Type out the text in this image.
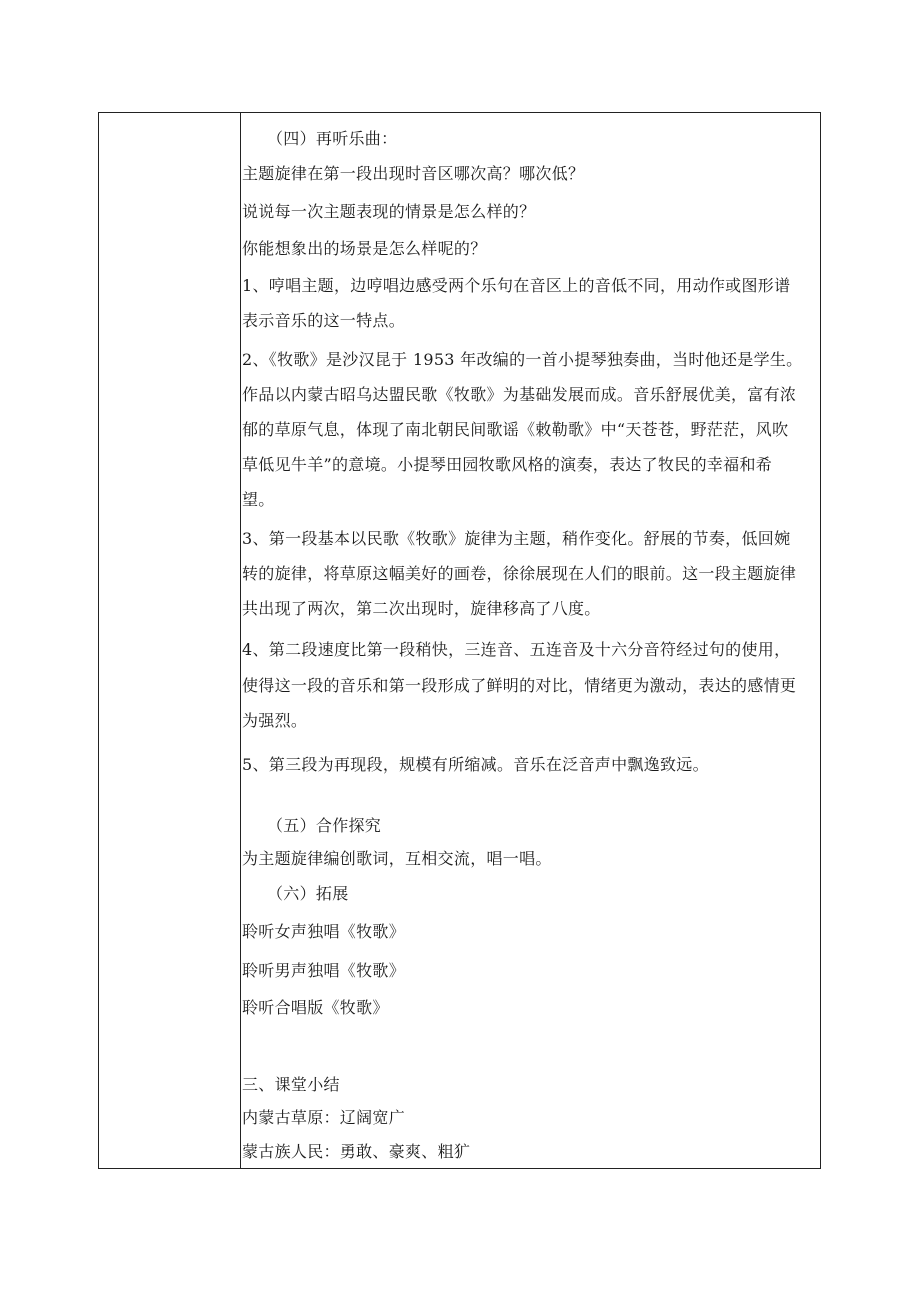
（四）再听乐曲：
主题旋律在第一段出现时音区哪次高？哪次低？
说说每一次主题表现的情景是怎么样的？
你能想象出的场景是怎么样呢的？
1、哼唱主题，边哼唱边感受两个乐句在音区上的音低不同，用动作或图形谱
表示音乐的这一特点。
2、《牧歌》是沙汉昆于 1953 年改编的一首小提琴独奏曲，当时他还是学生。
作品以内蒙古昭乌达盟民歌《牧歌》为基础发展而成。音乐舒展优美，富有浓
郁的草原气息，体现了南北朝民间歌谣《敕勒歌》中“天苍苍，野茫茫，风吹
草低见牛羊”的意境。小提琴田园牧歌风格的演奏，表达了牧民的幸福和希
望。
3、第一段基本以民歌《牧歌》旋律为主题，稍作变化。舒展的节奏，低回婉
转的旋律，将草原这幅美好的画卷，徐徐展现在人们的眼前。这一段主题旋律
共出现了两次，第二次出现时，旋律移高了八度。
4、第二段速度比第一段稍快，三连音、五连音及十六分音符经过句的使用，
使得这一段的音乐和第一段形成了鲜明的对比，情绪更为激动，表达的感情更
为强烈。
5、第三段为再现段，规模有所缩减。音乐在泛音声中飘逸致远。
（五）合作探究
为主题旋律编创歌词，互相交流，唱一唱。
（六）拓展
聆听女声独唱《牧歌》
聆听男声独唱《牧歌》
聆听合唱版《牧歌》
三、课堂小结
内蒙古草原：辽阔宽广
蒙古族人民：勇敢、豪爽、粗犷
